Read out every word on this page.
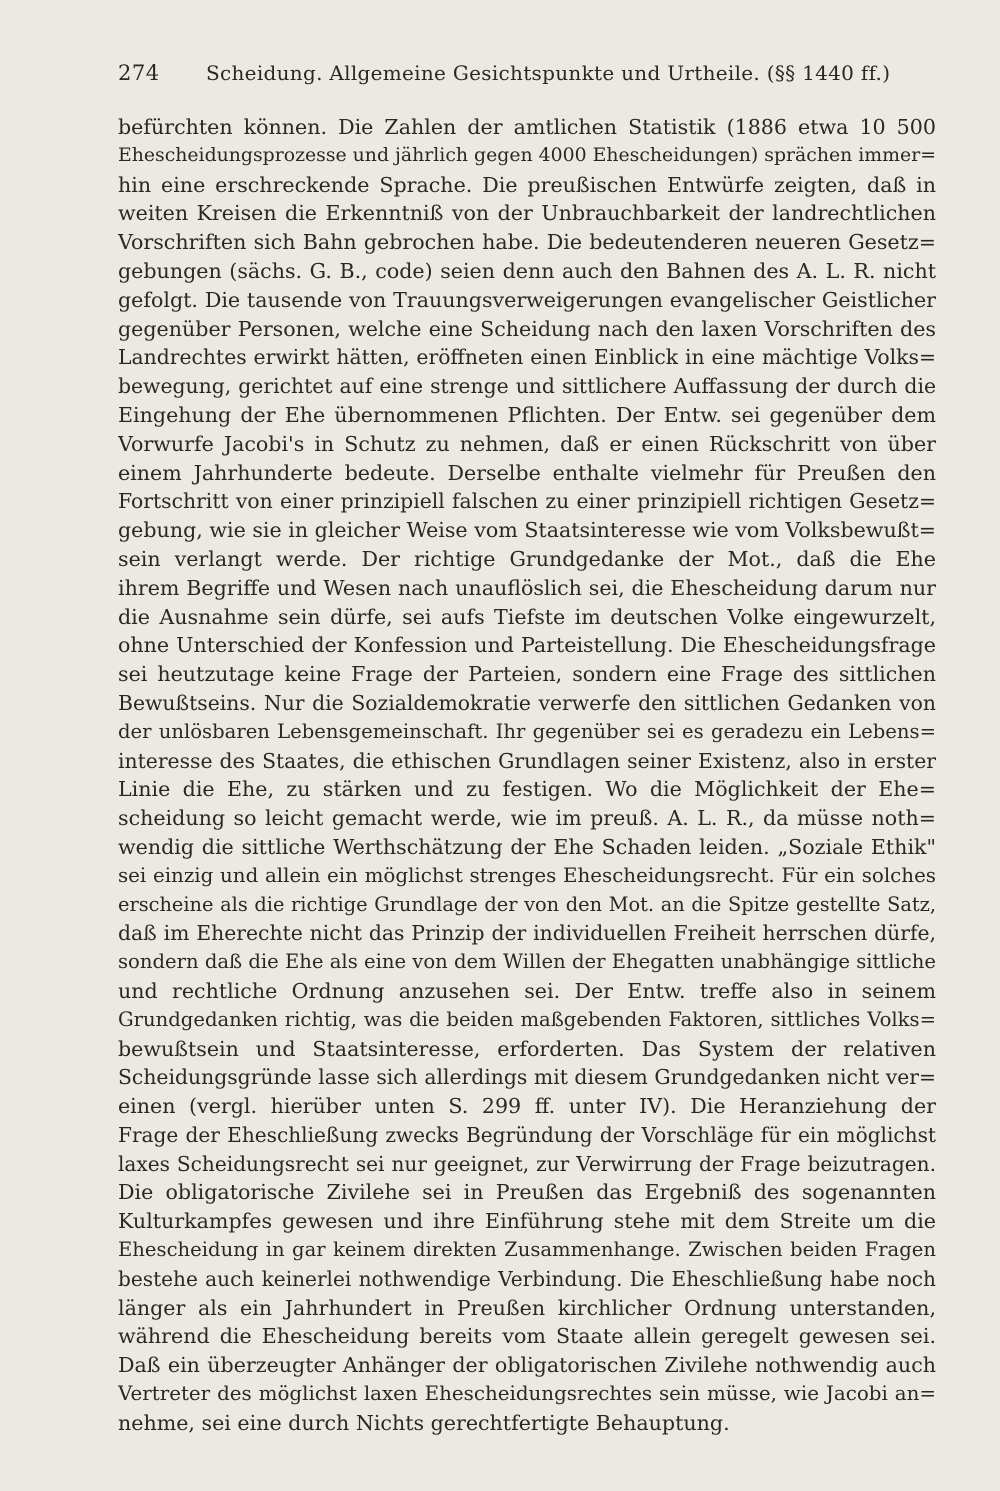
274 Scheidung. Allgemeine Gesichtspunkte und Urtheile. (§§ 1440 ff.)
befürchten können. Die Zahlen der amtlichen Statistik (1886 etwa 10 500
Ehescheidungsprozesse und jährlich gegen 4000 Ehescheidungen) sprächen immer=
hin eine erschreckende Sprache. Die preußischen Entwürfe zeigten, daß in
weiten Kreisen die Erkenntniß von der Unbrauchbarkeit der landrechtlichen
Vorschriften sich Bahn gebrochen habe. Die bedeutenderen neueren Gesetz=
gebungen (sächs. G. B., code) seien denn auch den Bahnen des A. L. R. nicht
gefolgt. Die tausende von Trauungsverweigerungen evangelischer Geistlicher
gegenüber Personen, welche eine Scheidung nach den laxen Vorschriften des
Landrechtes erwirkt hätten, eröffneten einen Einblick in eine mächtige Volks=
bewegung, gerichtet auf eine strenge und sittlichere Auffassung der durch die
Eingehung der Ehe übernommenen Pflichten. Der Entw. sei gegenüber dem
Vorwurfe Jacobi's in Schutz zu nehmen, daß er einen Rückschritt von über
einem Jahrhunderte bedeute. Derselbe enthalte vielmehr für Preußen den
Fortschritt von einer prinzipiell falschen zu einer prinzipiell richtigen Gesetz=
gebung, wie sie in gleicher Weise vom Staatsinteresse wie vom Volksbewußt=
sein verlangt werde. Der richtige Grundgedanke der Mot., daß die Ehe
ihrem Begriffe und Wesen nach unauflöslich sei, die Ehescheidung darum nur
die Ausnahme sein dürfe, sei aufs Tiefste im deutschen Volke eingewurzelt,
ohne Unterschied der Konfession und Parteistellung. Die Ehescheidungsfrage
sei heutzutage keine Frage der Parteien, sondern eine Frage des sittlichen
Bewußtseins. Nur die Sozialdemokratie verwerfe den sittlichen Gedanken von
der unlösbaren Lebensgemeinschaft. Ihr gegenüber sei es geradezu ein Lebens=
interesse des Staates, die ethischen Grundlagen seiner Existenz, also in erster
Linie die Ehe, zu stärken und zu festigen. Wo die Möglichkeit der Ehe=
scheidung so leicht gemacht werde, wie im preuß. A. L. R., da müsse noth=
wendig die sittliche Werthschätzung der Ehe Schaden leiden. „Soziale Ethik"
sei einzig und allein ein möglichst strenges Ehescheidungsrecht. Für ein solches
erscheine als die richtige Grundlage der von den Mot. an die Spitze gestellte Satz,
daß im Eherechte nicht das Prinzip der individuellen Freiheit herrschen dürfe,
sondern daß die Ehe als eine von dem Willen der Ehegatten unabhängige sittliche
und rechtliche Ordnung anzusehen sei. Der Entw. treffe also in seinem
Grundgedanken richtig, was die beiden maßgebenden Faktoren, sittliches Volks=
bewußtsein und Staatsinteresse, erforderten. Das System der relativen
Scheidungsgründe lasse sich allerdings mit diesem Grundgedanken nicht ver=
einen (vergl. hierüber unten S. 299 ff. unter IV). Die Heranziehung der
Frage der Eheschließung zwecks Begründung der Vorschläge für ein möglichst
laxes Scheidungsrecht sei nur geeignet, zur Verwirrung der Frage beizutragen.
Die obligatorische Zivilehe sei in Preußen das Ergebniß des sogenannten
Kulturkampfes gewesen und ihre Einführung stehe mit dem Streite um die
Ehescheidung in gar keinem direkten Zusammenhange. Zwischen beiden Fragen
bestehe auch keinerlei nothwendige Verbindung. Die Eheschließung habe noch
länger als ein Jahrhundert in Preußen kirchlicher Ordnung unterstanden,
während die Ehescheidung bereits vom Staate allein geregelt gewesen sei.
Daß ein überzeugter Anhänger der obligatorischen Zivilehe nothwendig auch
Vertreter des möglichst laxen Ehescheidungsrechtes sein müsse, wie Jacobi an=
nehme, sei eine durch Nichts gerechtfertigte Behauptung.
